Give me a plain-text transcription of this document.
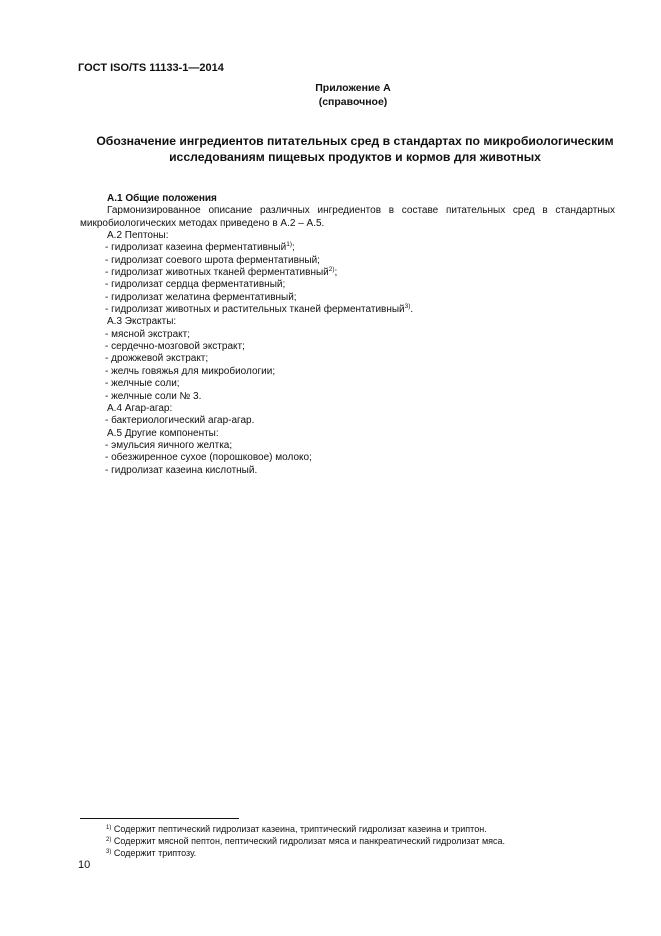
ГОСТ ISO/TS 11133-1—2014
Приложение А
(справочное)
Обозначение ингредиентов питательных сред в стандартах по микробиологическим исследованиям пищевых продуктов и кормов для животных
А.1 Общие положения
Гармонизированное описание различных ингредиентов в составе питательных сред в стандартных
микробиологических методах приведено в А.2 – А.5.
А.2 Пептоны:
- гидролизат казеина ферментативный$^{1)}$;
- гидролизат соевого шрота ферментативный;
- гидролизат животных тканей ферментативный$^{2)}$;
- гидролизат сердца ферментативный;
- гидролизат желатина ферментативный;
- гидролизат животных и растительных тканей ферментативный$^{3)}$.
А.3 Экстракты:
- мясной экстракт;
- сердечно-мозговой экстракт;
- дрожжевой экстракт;
- желчь говяжья для микробиологии;
- желчные соли;
- желчные соли № 3.
А.4 Агар-агар:
- бактериологический агар-агар.
А.5 Другие компоненты:
- эмульсия яичного желтка;
- обезжиренное сухое (порошковое) молоко;
- гидролизат казеина кислотный.
$^{1)}$ Содержит пептический гидролизат казеина, триптический гидролизат казеина и триптон.
$^{2)}$ Содержит мясной пептон, пептический гидролизат мяса и панкреатический гидролизат мяса.
$^{3)}$ Содержит триптозу.
10
